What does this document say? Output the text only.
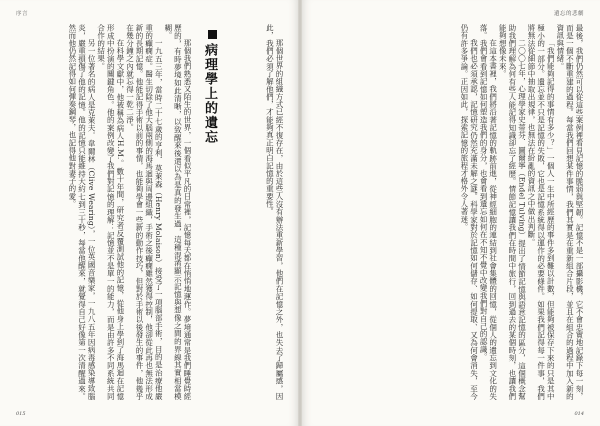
序言

那個世界的組織方式已經不復存在，由於這些人沒有辦法重新學習，他們在記憶之外，也失去了歸屬感，因此，我們必須了解他們，才能夠真正明白記憶的重要性。

病理學上的遺忘

那個我們熟悉又陌生的世界，一個看似平凡的日常裡，記憶每天都在悄悄地運作。夢境通常是我們睡覺時經歷的，有時夢境如此清晰，以致醒來後還以為是真的發生過，這種混淆顯示記憶與想像之間的界線其實相當模糊。

一九五三年，當時二十七歲的亨利．莫萊森（Henry Molaison）接受了一項腦部手術，目的是治療他嚴重的癲癇症。醫生切除了他大腦兩側的海馬迴與周邊組織，手術之後癲癇雖然獲得控制，他卻從此再也無法形成新的長期記憶。他能記得手術以前的事情，也能夠學會一些新的動作技巧，但對於手術以後發生的事件，他幾乎在幾分鐘之內就忘得一乾二淨。

在科學文獻中，他被稱為病人H.M.。數十年間，研究者反覆測試他的記憶，從他身上學到了海馬迴在記憶形成中扮演的關鍵角色。他的案例改變了我們對記憶的理解：記憶並不是單一的能力，而是由許多不同系統共同合作的結果。

另一位著名的病人是克萊夫．韋爾林（Clive Wearing），一位英國音樂家，一九八五年因病毒感染導致腦炎，嚴重損傷了他的記憶。他的記憶只能維持大約七到三十秒，每當他醒來，就覺得自己好像第一次清醒過來。然而他仍然記得如何彈奏鋼琴，也記得他對妻子的愛。

015
遺忘的悲劇

最後，我們仍然可以從這些案例裡看見記憶的脆弱與堅韌。記憶不是一部攝影機，它不會忠實地記錄下每一刻，而是一個不斷重建的過程。每當我們回想某件事情，我們其實是在重新組合片段，並且在組合的過程中加入新的資訊與情緒。

「我們能夠記得的事情有多少？」一個人一生中所經歷的事件多到難以計數，但能夠被保存下來的只是其中極小的一部分。遺忘並不只是記憶的失敗，它也是記憶系統得以運作的必要條件。如果我們記得每一件事，我們將無法從細節中抽取出規律，也無法在紛亂的資訊之中做出判斷。

二〇〇七年，心理學家史蒂芬．圖爾寧（Endel Tulving）提出了情節記憶與語意記憶的區分，這個概念幫助我們理解為何有些人能記得知識卻忘了經歷。情節記憶讓我們在時間中旅行，回到過去的某個時刻，也讓我們能夠想像未來。

在這本書裡，我們將沿著記憶的軌跡前進，從神經細胞的連結到社會集體的回憶，從個人的遺忘到文化的失落。我們會看到記憶如何塑造我們的身分，也會看到遺忘如何在不知不覺中改變我們對自己的認識。

我們也必須承認，記憶研究仍然充滿未解之謎。科學家對於記憶如何儲存、如何提取、又為何會消失，至今仍有許多爭論。正因如此，探索記憶的旅程才格外令人著迷。

014
